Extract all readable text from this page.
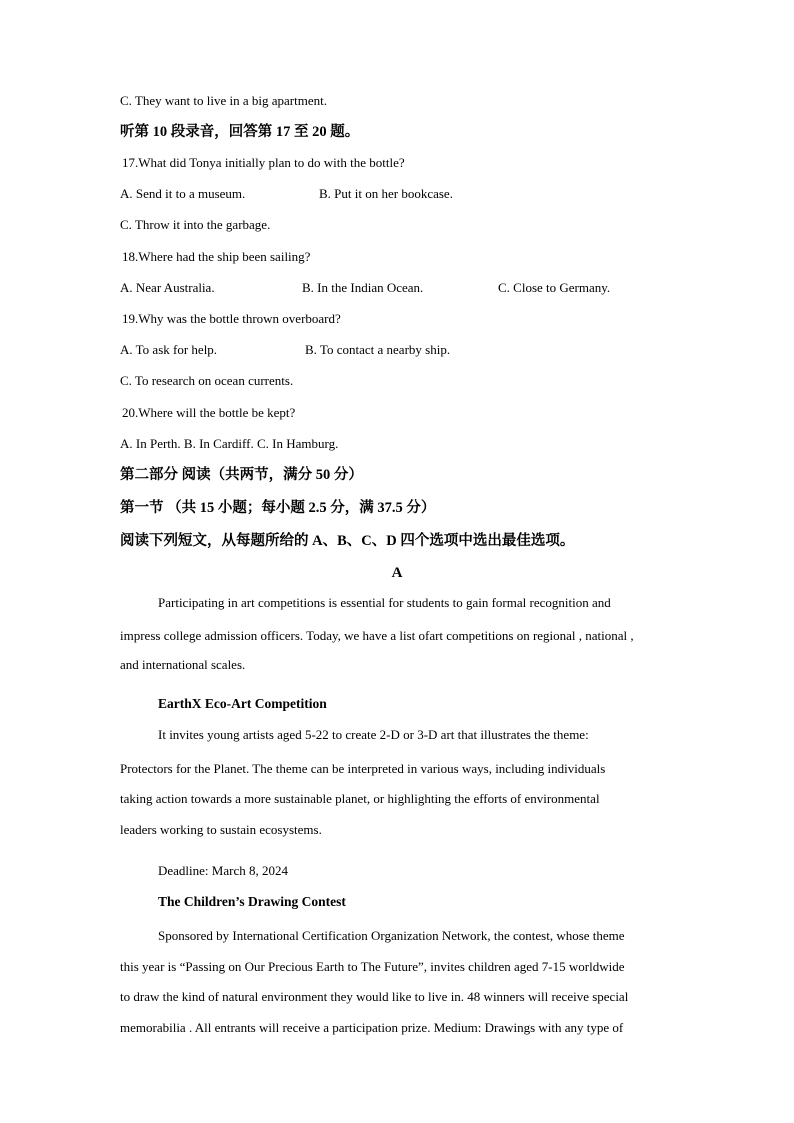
C. They want to live in a big apartment.
听第 10 段录音，回答第 17 至 20 题。
17.What did Tonya initially plan to do with the bottle?
A. Send it to a museum.	B. Put it on her bookcase.
C. Throw it into the garbage.
18.Where had the ship been sailing?
A. Near Australia.	B. In the Indian Ocean.	C. Close to Germany.
19.Why was the bottle thrown overboard?
A. To ask for help.	B. To contact a nearby ship.
C. To research on ocean currents.
20.Where will the bottle be kept?
A. In Perth. B. In Cardiff. C. In Hamburg.
第二部分 阅读（共两节，满分 50 分）
第一节 （共 15 小题；每小题 2.5 分，满 37.5 分）
阅读下列短文，从每题所给的 A、B、C、D 四个选项中选出最佳选项。
A
Participating in art competitions is essential for students to gain formal recognition and
impress college admission officers. Today, we have a list ofart competitions on regional , national ,
and international scales.
EarthX Eco-Art Competition
It invites young artists aged 5-22 to create 2-D or 3-D art that illustrates the theme:
Protectors for the Planet. The theme can be interpreted in various ways, including individuals
taking action towards a more sustainable planet, or highlighting the efforts of environmental
leaders working to sustain ecosystems.
Deadline: March 8, 2024
The Children’s Drawing Contest
Sponsored by International Certification Organization Network, the contest, whose theme
this year is “Passing on Our Precious Earth to The Future”, invites children aged 7-15 worldwide
to draw the kind of natural environment they would like to live in. 48 winners will receive special
memorabilia . All entrants will receive a participation prize. Medium: Drawings with any type of
